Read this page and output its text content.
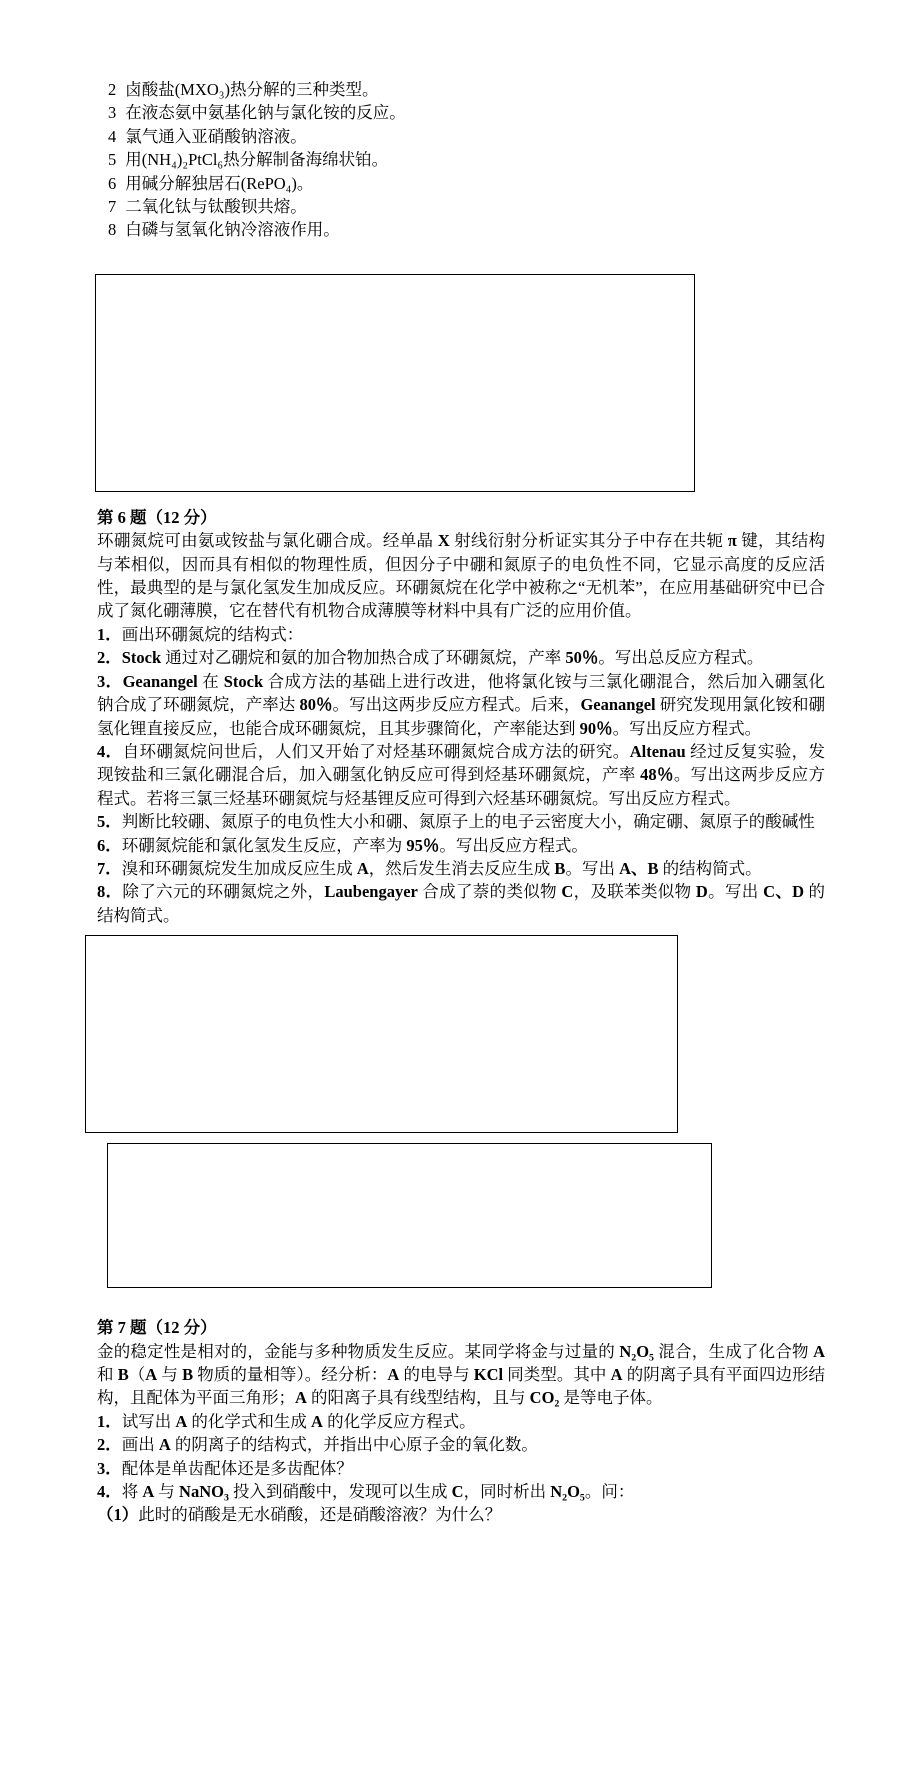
2 卤酸盐(MXO₃)热分解的三种类型。

3 在液态氨中氨基化钠与氯化铵的反应。

4 氯气通入亚硝酸钠溶液。

5 用(NH₄)₂PtCl₆热分解制备海绵状铂。

6 用碱分解独居石(RePO₄)。

7 二氧化钛与钛酸钡共熔。

8 白磷与氢氧化钠冷溶液作用。

第 6 题（12 分）

环硼氮烷可由氨或铵盐与氯化硼合成。经单晶 X 射线衍射分析证实其分子中存在共轭 π 键，其结构与苯相似，因而具有相似的物理性质，但因分子中硼和氮原子的电负性不同，它显示高度的反应活性，最典型的是与氯化氢发生加成反应。环硼氮烷在化学中被称之“无机苯”，在应用基础研究中已合成了氮化硼薄膜，它在替代有机物合成薄膜等材料中具有广泛的应用价值。

1．画出环硼氮烷的结构式：

2．Stock 通过对乙硼烷和氨的加合物加热合成了环硼氮烷，产率 50％。写出总反应方程式。

3．Geanangel 在 Stock 合成方法的基础上进行改进，他将氯化铵与三氯化硼混合，然后加入硼氢化钠合成了环硼氮烷，产率达 80％。写出这两步反应方程式。后来，Geanangel 研究发现用氯化铵和硼氢化锂直接反应，也能合成环硼氮烷，且其步骤简化，产率能达到 90％。写出反应方程式。

4．自环硼氮烷问世后，人们又开始了对烃基环硼氮烷合成方法的研究。Altenau 经过反复实验，发现铵盐和三氯化硼混合后，加入硼氢化钠反应可得到烃基环硼氮烷，产率 48％。写出这两步反应方程式。若将三氯三烃基环硼氮烷与烃基锂反应可得到六烃基环硼氮烷。写出反应方程式。

5．判断比较硼、氮原子的电负性大小和硼、氮原子上的电子云密度大小，确定硼、氮原子的酸碱性

6．环硼氮烷能和氯化氢发生反应，产率为 95％。写出反应方程式。

7．溴和环硼氮烷发生加成反应生成 A，然后发生消去反应生成 B。写出 A、B 的结构简式。

8．除了六元的环硼氮烷之外，Laubengayer 合成了萘的类似物 C，及联苯类似物 D。写出 C、D 的结构简式。

第 7 题（12 分）

金的稳定性是相对的，金能与多种物质发生反应。某同学将金与过量的 N₂O₅ 混合，生成了化合物 A 和 B（A 与 B 物质的量相等）。经分析：A 的电导与 KCl 同类型。其中 A 的阴离子具有平面四边形结构，且配体为平面三角形；A 的阳离子具有线型结构，且与 CO₂ 是等电子体。

1．试写出 A 的化学式和生成 A 的化学反应方程式。

2．画出 A 的阴离子的结构式，并指出中心原子金的氧化数。

3．配体是单齿配体还是多齿配体？

4．将 A 与 NaNO₃ 投入到硝酸中，发现可以生成 C，同时析出 N₂O₅。问：

（1）此时的硝酸是无水硝酸，还是硝酸溶液？为什么？
